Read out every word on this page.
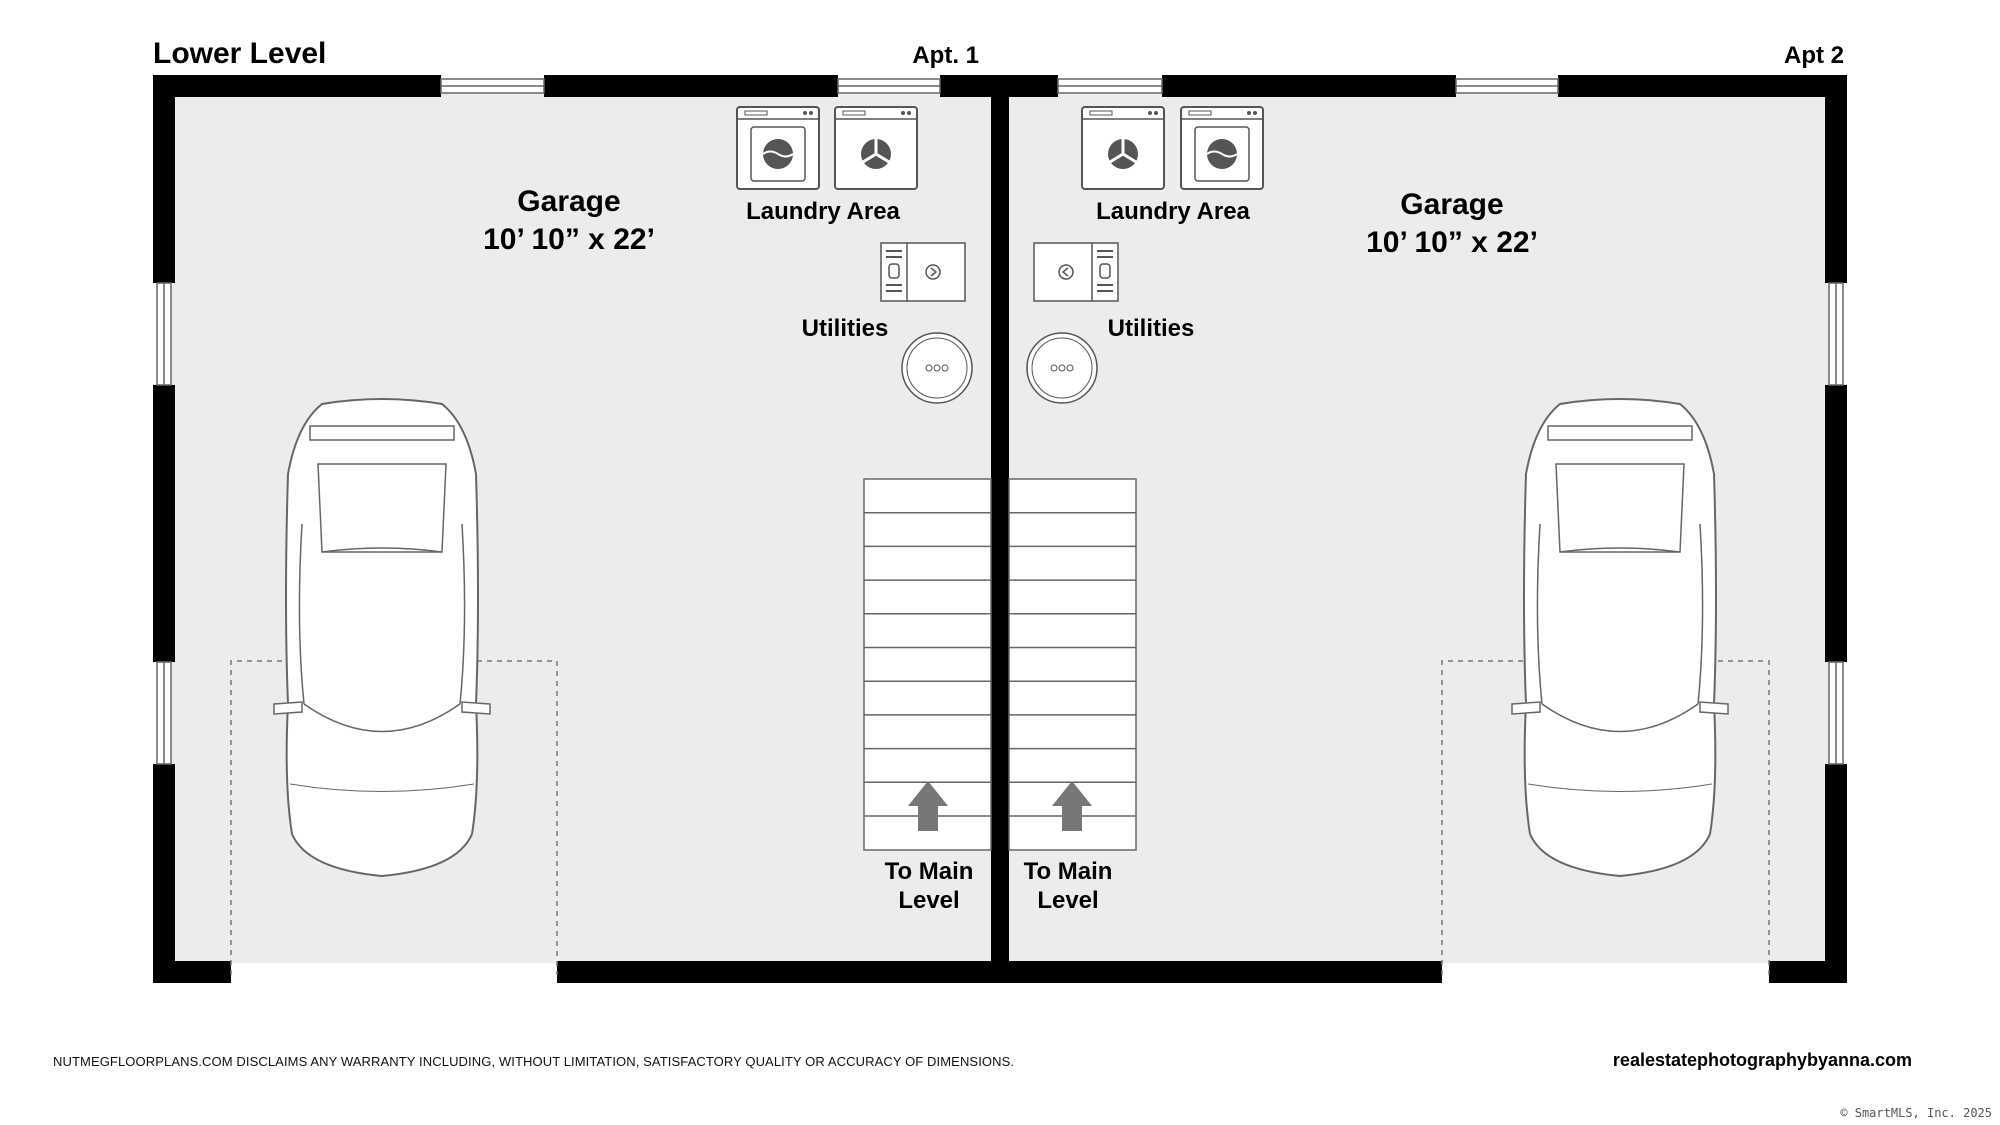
Lower Level	Apt. 1	Apt 2
Garage
10’ 10” x 22’
Garage
10’ 10” x 22’
Laundry Area	Laundry Area
Utilities	Utilities
To Main
Level
To Main
Level
NUTMEGFLOORPLANS.COM DISCLAIMS ANY WARRANTY INCLUDING, WITHOUT LIMITATION, SATISFACTORY QUALITY OR ACCURACY OF DIMENSIONS.	realestatephotographybyanna.com
© SmartMLS, Inc. 2025
